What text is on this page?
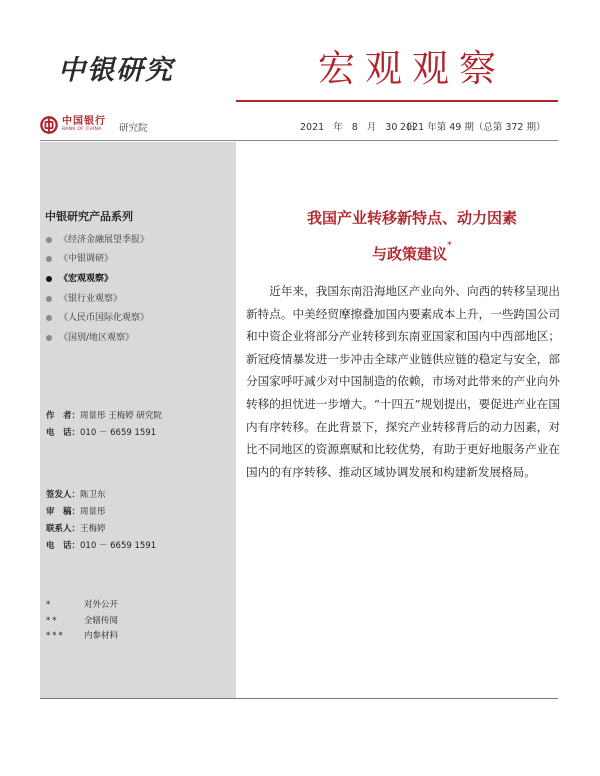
中银研究	宏观观察
中国银行
BANK OF CHINA	研究院	2021 年 8 月 30 日
2021 年第 49 期（总第 372 期）
中银研究产品系列
《经济金融展望季报》
《中银调研》
《宏观观察》
《银行业观察》
《人民币国际化观察》
《国别/地区观察》
作　者：周景彤 王梅婷 研究院
电　话：010 － 6659 1591
签发人：陈卫东
审　稿：周景彤
联系人：王梅婷
电　话：010 － 6659 1591
*	对外公开
**	全辖传阅
***	内参材料
我国产业转移新特点、动力因素
与政策建议*

近年来，我国东南沿海地区产业向外、向西的转移呈现出新特点。中美经贸摩擦叠加国内要素成本上升，一些跨国公司和中资企业将部分产业转移到东南亚国家和国内中西部地区；新冠疫情暴发进一步冲击全球产业链供应链的稳定与安全，部分国家呼吁减少对中国制造的依赖，市场对此带来的产业向外转移的担忧进一步增大。“十四五”规划提出，要促进产业在国内有序转移。在此背景下，探究产业转移背后的动力因素，对比不同地区的资源禀赋和比较优势，有助于更好地服务产业在国内的有序转移、推动区域协调发展和构建新发展格局。
